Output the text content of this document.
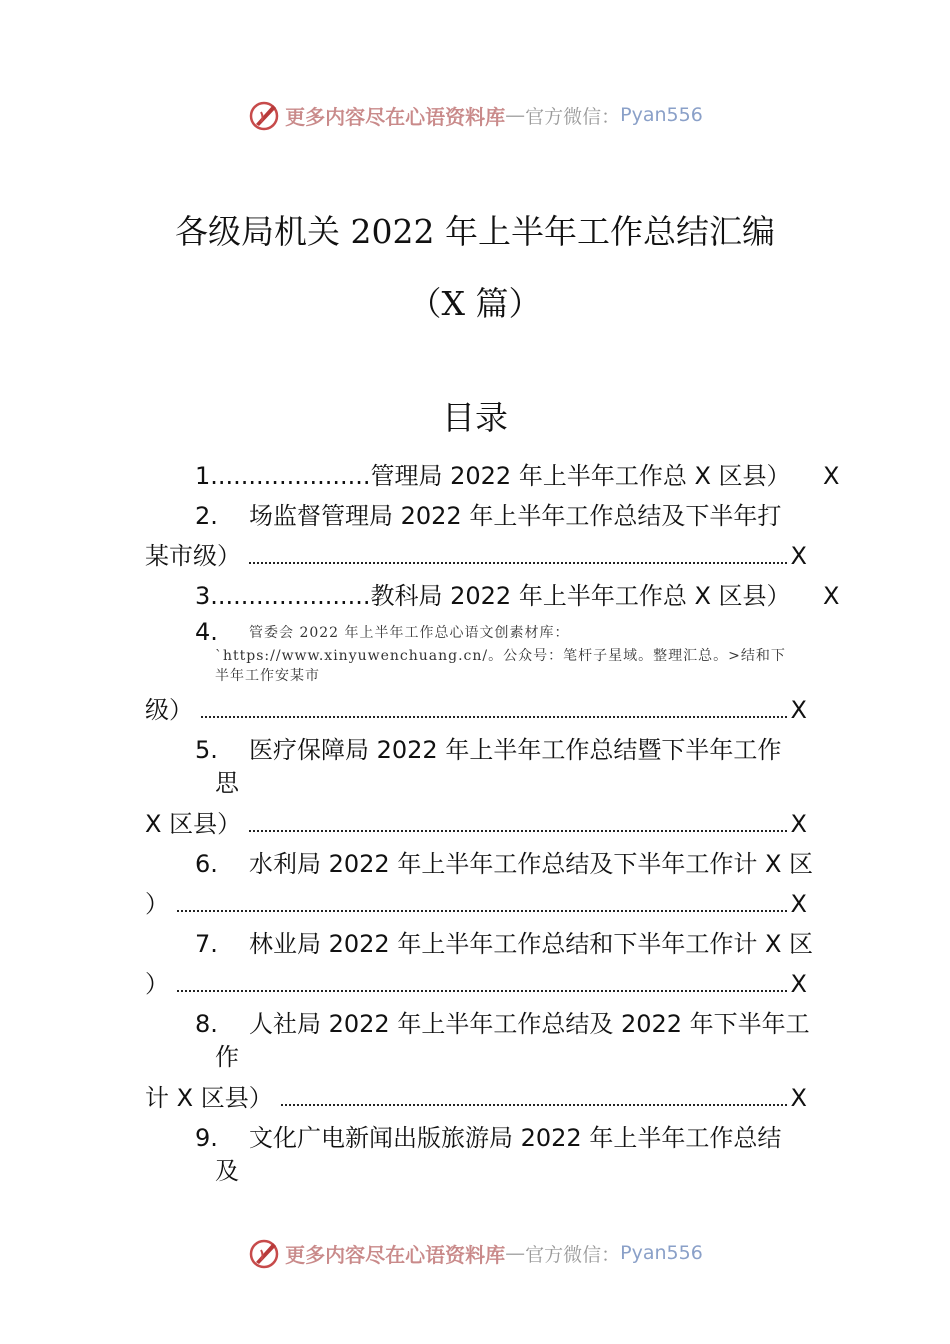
更多内容尽在心语资料库 — 官方微信： Pyan556
各级局机关 2022 年上半年工作总结汇编
（X 篇）
目录
1.....................管理局 2022 年上半年工作总 X 区县） X
2. 场监督管理局 2022 年上半年工作总结及下半年打
某市级）	X
3.....................教科局 2022 年上半年工作总 X 区县） X
4. 管委会 2022 年上半年工作总心语文创素材库：
`https://www.xinyuwenchuang.cn/。公众号：笔杆子星域。整理汇总。>结和下
半年工作安某市
级）	X
5. 医疗保障局 2022 年上半年工作总结暨下半年工作
思
X 区县）	X
6. 水利局 2022 年上半年工作总结及下半年工作计 X 区
）	X
7. 林业局 2022 年上半年工作总结和下半年工作计 X 区
）	X
8. 人社局 2022 年上半年工作总结及 2022 年下半年工
作
计 X 区县）	X
9. 文化广电新闻出版旅游局 2022 年上半年工作总结
及
更多内容尽在心语资料库 — 官方微信： Pyan556
